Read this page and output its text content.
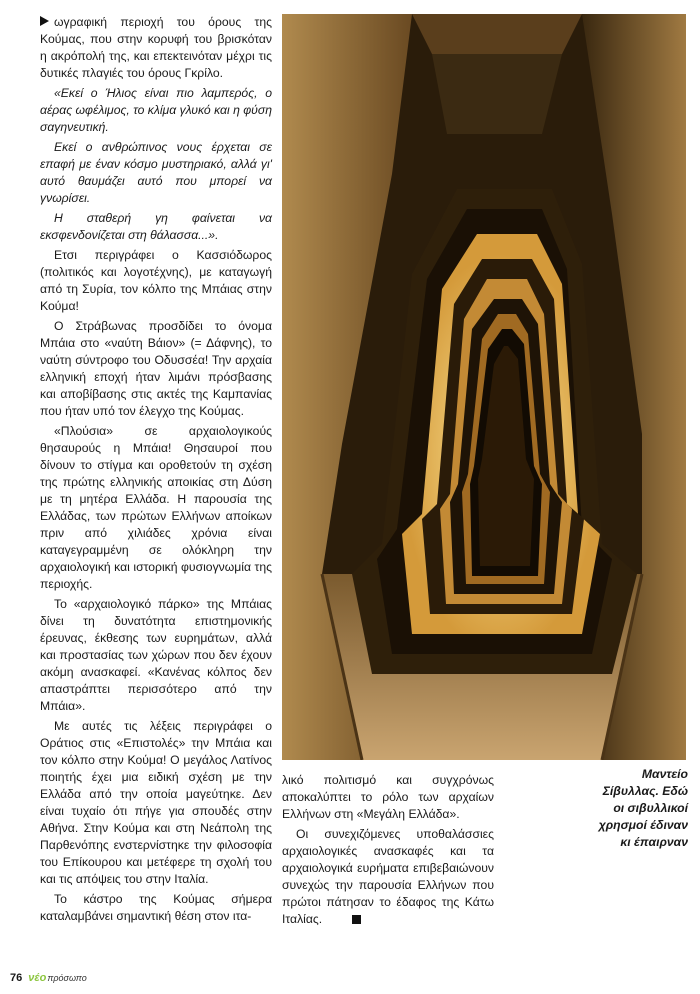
ωγραφική περιοχή του όρους της Κούμας, που στην κορυφή του βρισκόταν η ακρόπολή της, και επεκτεινόταν μέχρι τις δυτικές πλαγιές του όρους Γκρίλο.

«Εκεί ο Ήλιος είναι πιο λαμπερός, ο αέρας ωφέλιμος, το κλίμα γλυκό και η φύση σαγηνευτική.

Εκεί ο ανθρώπινος νους έρχεται σε επαφή με έναν κόσμο μυστηριακό, αλλά γι' αυτό θαυμάζει αυτό που μπορεί να γνωρίσει.

Η σταθερή γη φαίνεται να εκσφενδονίζεται στη θάλασσα...».

Ετσι περιγράφει ο Κασσιόδωρος (πολιτικός και λογοτέχνης), με καταγωγή από τη Συρία, τον κόλπο της Μπάιας στην Κούμα!

Ο Στράβωνας προσδίδει το όνομα Μπάια στο «ναύτη Βάιον» (= Δάφνης), το ναύτη σύντροφο του Οδυσσέα! Την αρχαία ελληνική εποχή ήταν λιμάνι πρόσβασης και αποβίβασης στις ακτές της Καμπανίας που ήταν υπό τον έλεγχο της Κούμας.

«Πλούσια» σε αρχαιολογικούς θησαυρούς η Μπάια! Θησαυροί που δίνουν το στίγμα και οροθετούν τη σχέση της πρώτης ελληνικής αποικίας στη Δύση με τη μητέρα Ελλάδα. Η παρουσία της Ελλάδας, των πρώτων Ελλήνων αποίκων πριν από χιλιάδες χρόνια είναι καταγεγραμμένη σε ολόκληρη την αρχαιολογική και ιστορική φυσιογνωμία της περιοχής.

Το «αρχαιολογικό πάρκο» της Μπάιας δίνει τη δυνατότητα επιστημονικής έρευνας, έκθεσης των ευρημάτων, αλλά και προστασίας των χώρων που δεν έχουν ακόμη ανασκαφεί. «Κανένας κόλπος δεν απαστράπτει περισσότερο από την Μπάια».

Με αυτές τις λέξεις περιγράφει ο Οράτιος στις «Επιστολές» την Μπάια και τον κόλπο στην Κούμα! Ο μεγάλος Λατίνος ποιητής έχει μια ειδική σχέση με την Ελλάδα από την οποία μαγεύτηκε. Δεν είναι τυχαίο ότι πήγε για σπουδές στην Αθήνα. Στην Κούμα και στη Νεάπολη της Παρθενόπης ενστερνίστηκε την φιλοσοφία του Επίκουρου και μετέφερε τη σχολή του και τις απόψεις του στην Ιταλία.

Το κάστρο της Κούμας σήμερα καταλαμβάνει σημαντική θέση στον ιτα-

λικό πολιτισμό και συγχρόνως αποκαλύπτει το ρόλο των αρχαίων Ελλήνων στη «Μεγάλη Ελλάδα».

Οι συνεχιζόμενες υποθαλάσσιες αρχαιολογικές ανασκαφές και τα αρχαιολογικά ευρήματα επιβεβαιώνουν συνεχώς την παρουσία Ελλήνων που πρώτοι πάτησαν το έδαφος της Κάτω Ιταλίας.

Μαντείο
Σίβυλλας. Εδώ
οι σιβυλλικοί
χρησμοί έδιναν
κι έπαιρναν
76 νέοπρόσωπο
